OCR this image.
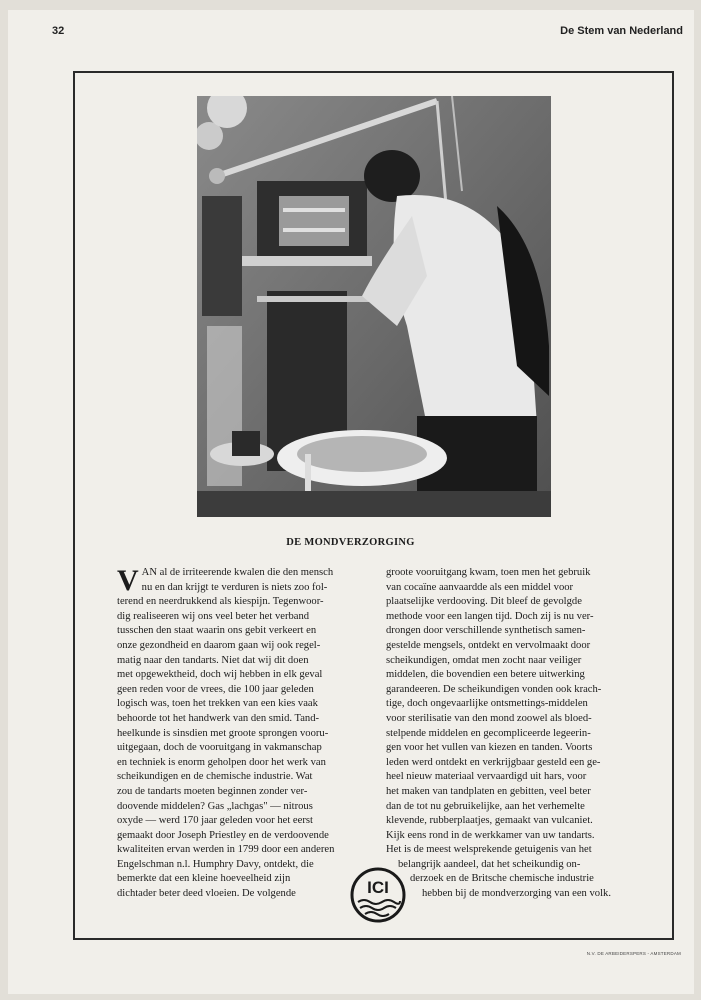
32	De Stem van Nederland
DE MONDVERZORGING
V AN al de irriteerende kwalen die den mensch
nu en dan krijgt te verduren is niets zoo fol-
terend en neerdrukkend als kiespijn. Tegenwoor-
dig realiseeren wij ons veel beter het verband
tusschen den staat waarin ons gebit verkeert en
onze gezondheid en daarom gaan wij ook regel-
matig naar den tandarts. Niet dat wij dit doen
met opgewektheid, doch wij hebben in elk geval
geen reden voor de vrees, die 100 jaar geleden
logisch was, toen het trekken van een kies vaak
behoorde tot het handwerk van den smid. Tand-
heelkunde is sinsdien met groote sprongen vooru-
uitgegaan, doch de vooruitgang in vakmanschap
en techniek is enorm geholpen door het werk van
scheikundigen en de chemische industrie. Wat
zou de tandarts moeten beginnen zonder ver-
doovende middelen? Gas „lachgas" — nitrous
oxyde — werd 170 jaar geleden voor het eerst
gemaakt door Joseph Priestley en de verdoovende
kwaliteiten ervan werden in 1799 door een anderen
Engelschman n.l. Humphry Davy, ontdekt, die
bemerkte dat een kleine hoeveelheid zijn
dichtader beter deed vloeien. De volgende
groote vooruitgang kwam, toen men het gebruik
van cocaïne aanvaardde als een middel voor
plaatselijke verdooving. Dit bleef de gevolgde
methode voor een langen tijd. Doch zij is nu ver-
drongen door verschillende synthetisch samen-
gestelde mengsels, ontdekt en vervolmaakt door
scheikundigen, omdat men zocht naar veiliger
middelen, die bovendien een betere uitwerking
garandeeren. De scheikundigen vonden ook krach-
tige, doch ongevaarlijke ontsmettings-middelen
voor sterilisatie van den mond zoowel als bloed-
stelpende middelen en gecompliceerde legeerin-
gen voor het vullen van kiezen en tanden. Voorts
leden werd ontdekt en verkrijgbaar gesteld een ge-
heel nieuw materiaal vervaardigd uit hars, voor
het maken van tandplaten en gebitten, veel beter
dan de tot nu gebruikelijke, aan het verhemelte
klevende, rubberplaatjes, gemaakt van vulcaniet.
Kijk eens rond in de werkkamer van uw tandarts.
Het is de meest welsprekende getuigenis van het
belangrijk aandeel, dat het scheikundig on-
derzoek en de Britsche chemische industrie
hebben bij de mondverzorging van een volk.
ICI
N.V. DE ARBEIDERSPERS - AMSTERDAM
